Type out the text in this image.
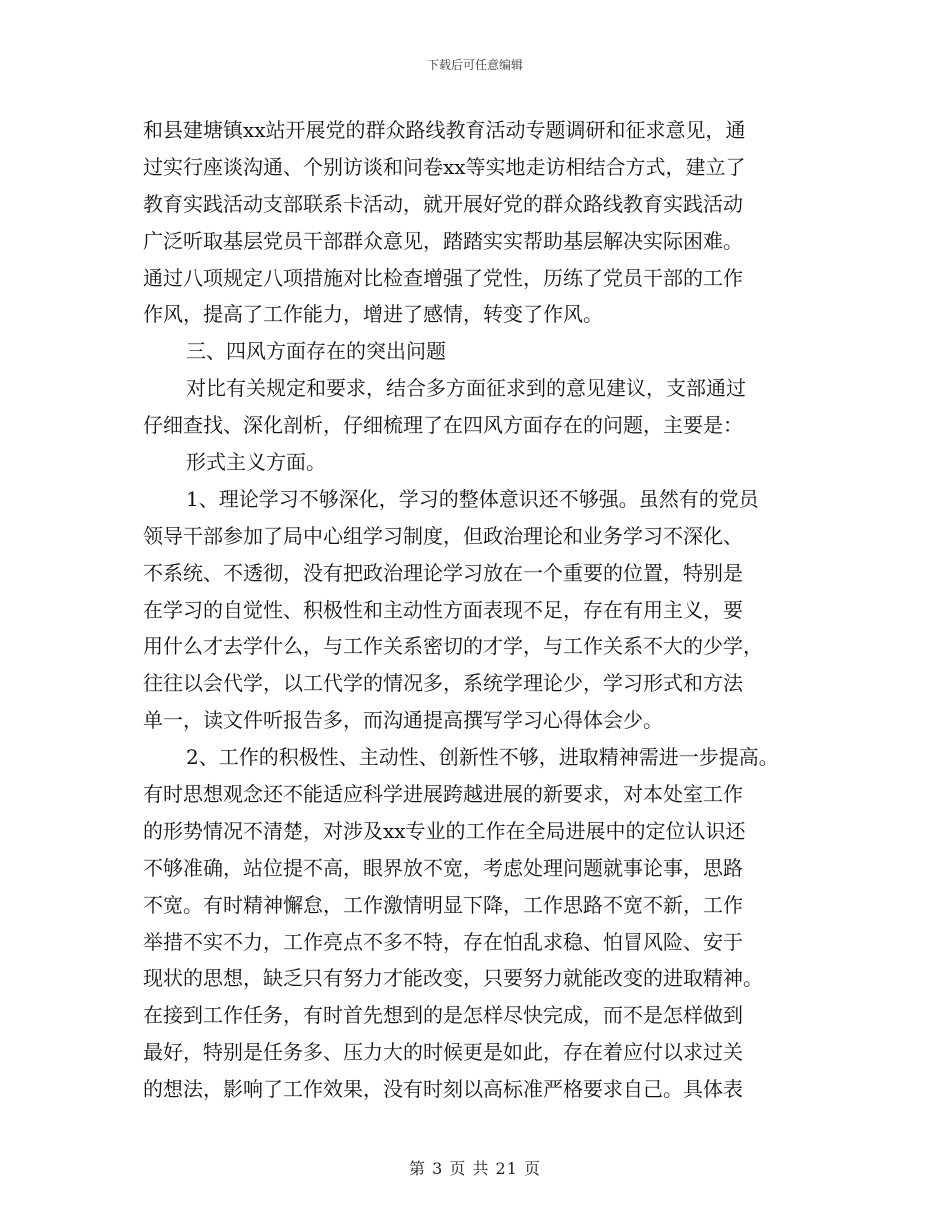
下载后可任意编辑
和县建塘镇xx站开展党的群众路线教育活动专题调研和征求意见，通
过实行座谈沟通、个别访谈和问卷xx等实地走访相结合方式，建立了
教育实践活动支部联系卡活动，就开展好党的群众路线教育实践活动
广泛听取基层党员干部群众意见，踏踏实实帮助基层解决实际困难。
通过八项规定八项措施对比检查增强了党性，历练了党员干部的工作
作风，提高了工作能力，增进了感情，转变了作风。
三、四风方面存在的突出问题
对比有关规定和要求，结合多方面征求到的意见建议，支部通过
仔细查找、深化剖析，仔细梳理了在四风方面存在的问题，主要是：
形式主义方面。
1、理论学习不够深化，学习的整体意识还不够强。虽然有的党员
领导干部参加了局中心组学习制度，但政治理论和业务学习不深化、
不系统、不透彻，没有把政治理论学习放在一个重要的位置，特别是
在学习的自觉性、积极性和主动性方面表现不足，存在有用主义，要
用什么才去学什么，与工作关系密切的才学，与工作关系不大的少学，
往往以会代学，以工代学的情况多，系统学理论少，学习形式和方法
单一，读文件听报告多，而沟通提高撰写学习心得体会少。
2、工作的积极性、主动性、创新性不够，进取精神需进一步提高。
有时思想观念还不能适应科学进展跨越进展的新要求，对本处室工作
的形势情况不清楚，对涉及xx专业的工作在全局进展中的定位认识还
不够准确，站位提不高，眼界放不宽，考虑处理问题就事论事，思路
不宽。有时精神懈怠，工作激情明显下降，工作思路不宽不新，工作
举措不实不力，工作亮点不多不特，存在怕乱求稳、怕冒风险、安于
现状的思想，缺乏只有努力才能改变，只要努力就能改变的进取精神。
在接到工作任务，有时首先想到的是怎样尽快完成，而不是怎样做到
最好，特别是任务多、压力大的时候更是如此，存在着应付以求过关
的想法，影响了工作效果，没有时刻以高标准严格要求自己。具体表
第 3 页 共 21 页
